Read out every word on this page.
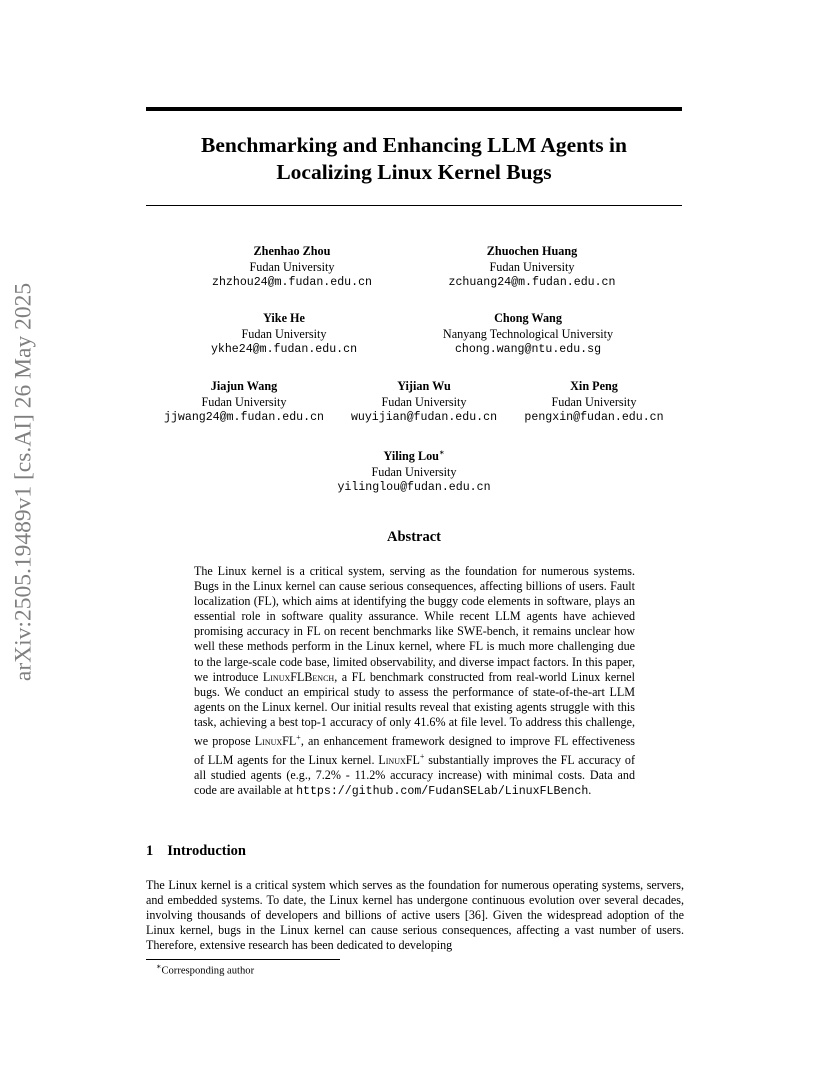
arXiv:2505.19489v1 [cs.AI] 26 May 2025
Benchmarking and Enhancing LLM Agents in
Localizing Linux Kernel Bugs
Zhenhao Zhou
Fudan University
zhzhou24@m.fudan.edu.cn
Zhuochen Huang
Fudan University
zchuang24@m.fudan.edu.cn
Yike He
Fudan University
ykhe24@m.fudan.edu.cn
Chong Wang
Nanyang Technological University
chong.wang@ntu.edu.sg
Jiajun Wang
Fudan University
jjwang24@m.fudan.edu.cn
Yijian Wu
Fudan University
wuyijian@fudan.edu.cn
Xin Peng
Fudan University
pengxin@fudan.edu.cn
Yiling Lou∗
Fudan University
yilinglou@fudan.edu.cn
Abstract
The Linux kernel is a critical system, serving as the foundation for numerous systems. Bugs in the Linux kernel can cause serious consequences, affecting billions of users. Fault localization (FL), which aims at identifying the buggy code elements in software, plays an essential role in software quality assurance. While recent LLM agents have achieved promising accuracy in FL on recent benchmarks like SWE-bench, it remains unclear how well these methods perform in the Linux kernel, where FL is much more challenging due to the large-scale code base, limited observability, and diverse impact factors. In this paper, we introduce LinuxFLBench, a FL benchmark constructed from real-world Linux kernel bugs. We conduct an empirical study to assess the performance of state-of-the-art LLM agents on the Linux kernel. Our initial results reveal that existing agents struggle with this task, achieving a best top-1 accuracy of only 41.6% at file level. To address this challenge, we propose LinuxFL+, an enhancement framework designed to improve FL effectiveness of LLM agents for the Linux kernel. LinuxFL+ substantially improves the FL accuracy of all studied agents (e.g., 7.2% - 11.2% accuracy increase) with minimal costs. Data and code are available at https://github.com/FudanSELab/LinuxFLBench.
1 Introduction
The Linux kernel is a critical system which serves as the foundation for numerous operating systems, servers, and embedded systems. To date, the Linux kernel has undergone continuous evolution over several decades, involving thousands of developers and billions of active users [36]. Given the widespread adoption of the Linux kernel, bugs in the Linux kernel can cause serious consequences, affecting a vast number of users. Therefore, extensive research has been dedicated to developing
∗Corresponding author
